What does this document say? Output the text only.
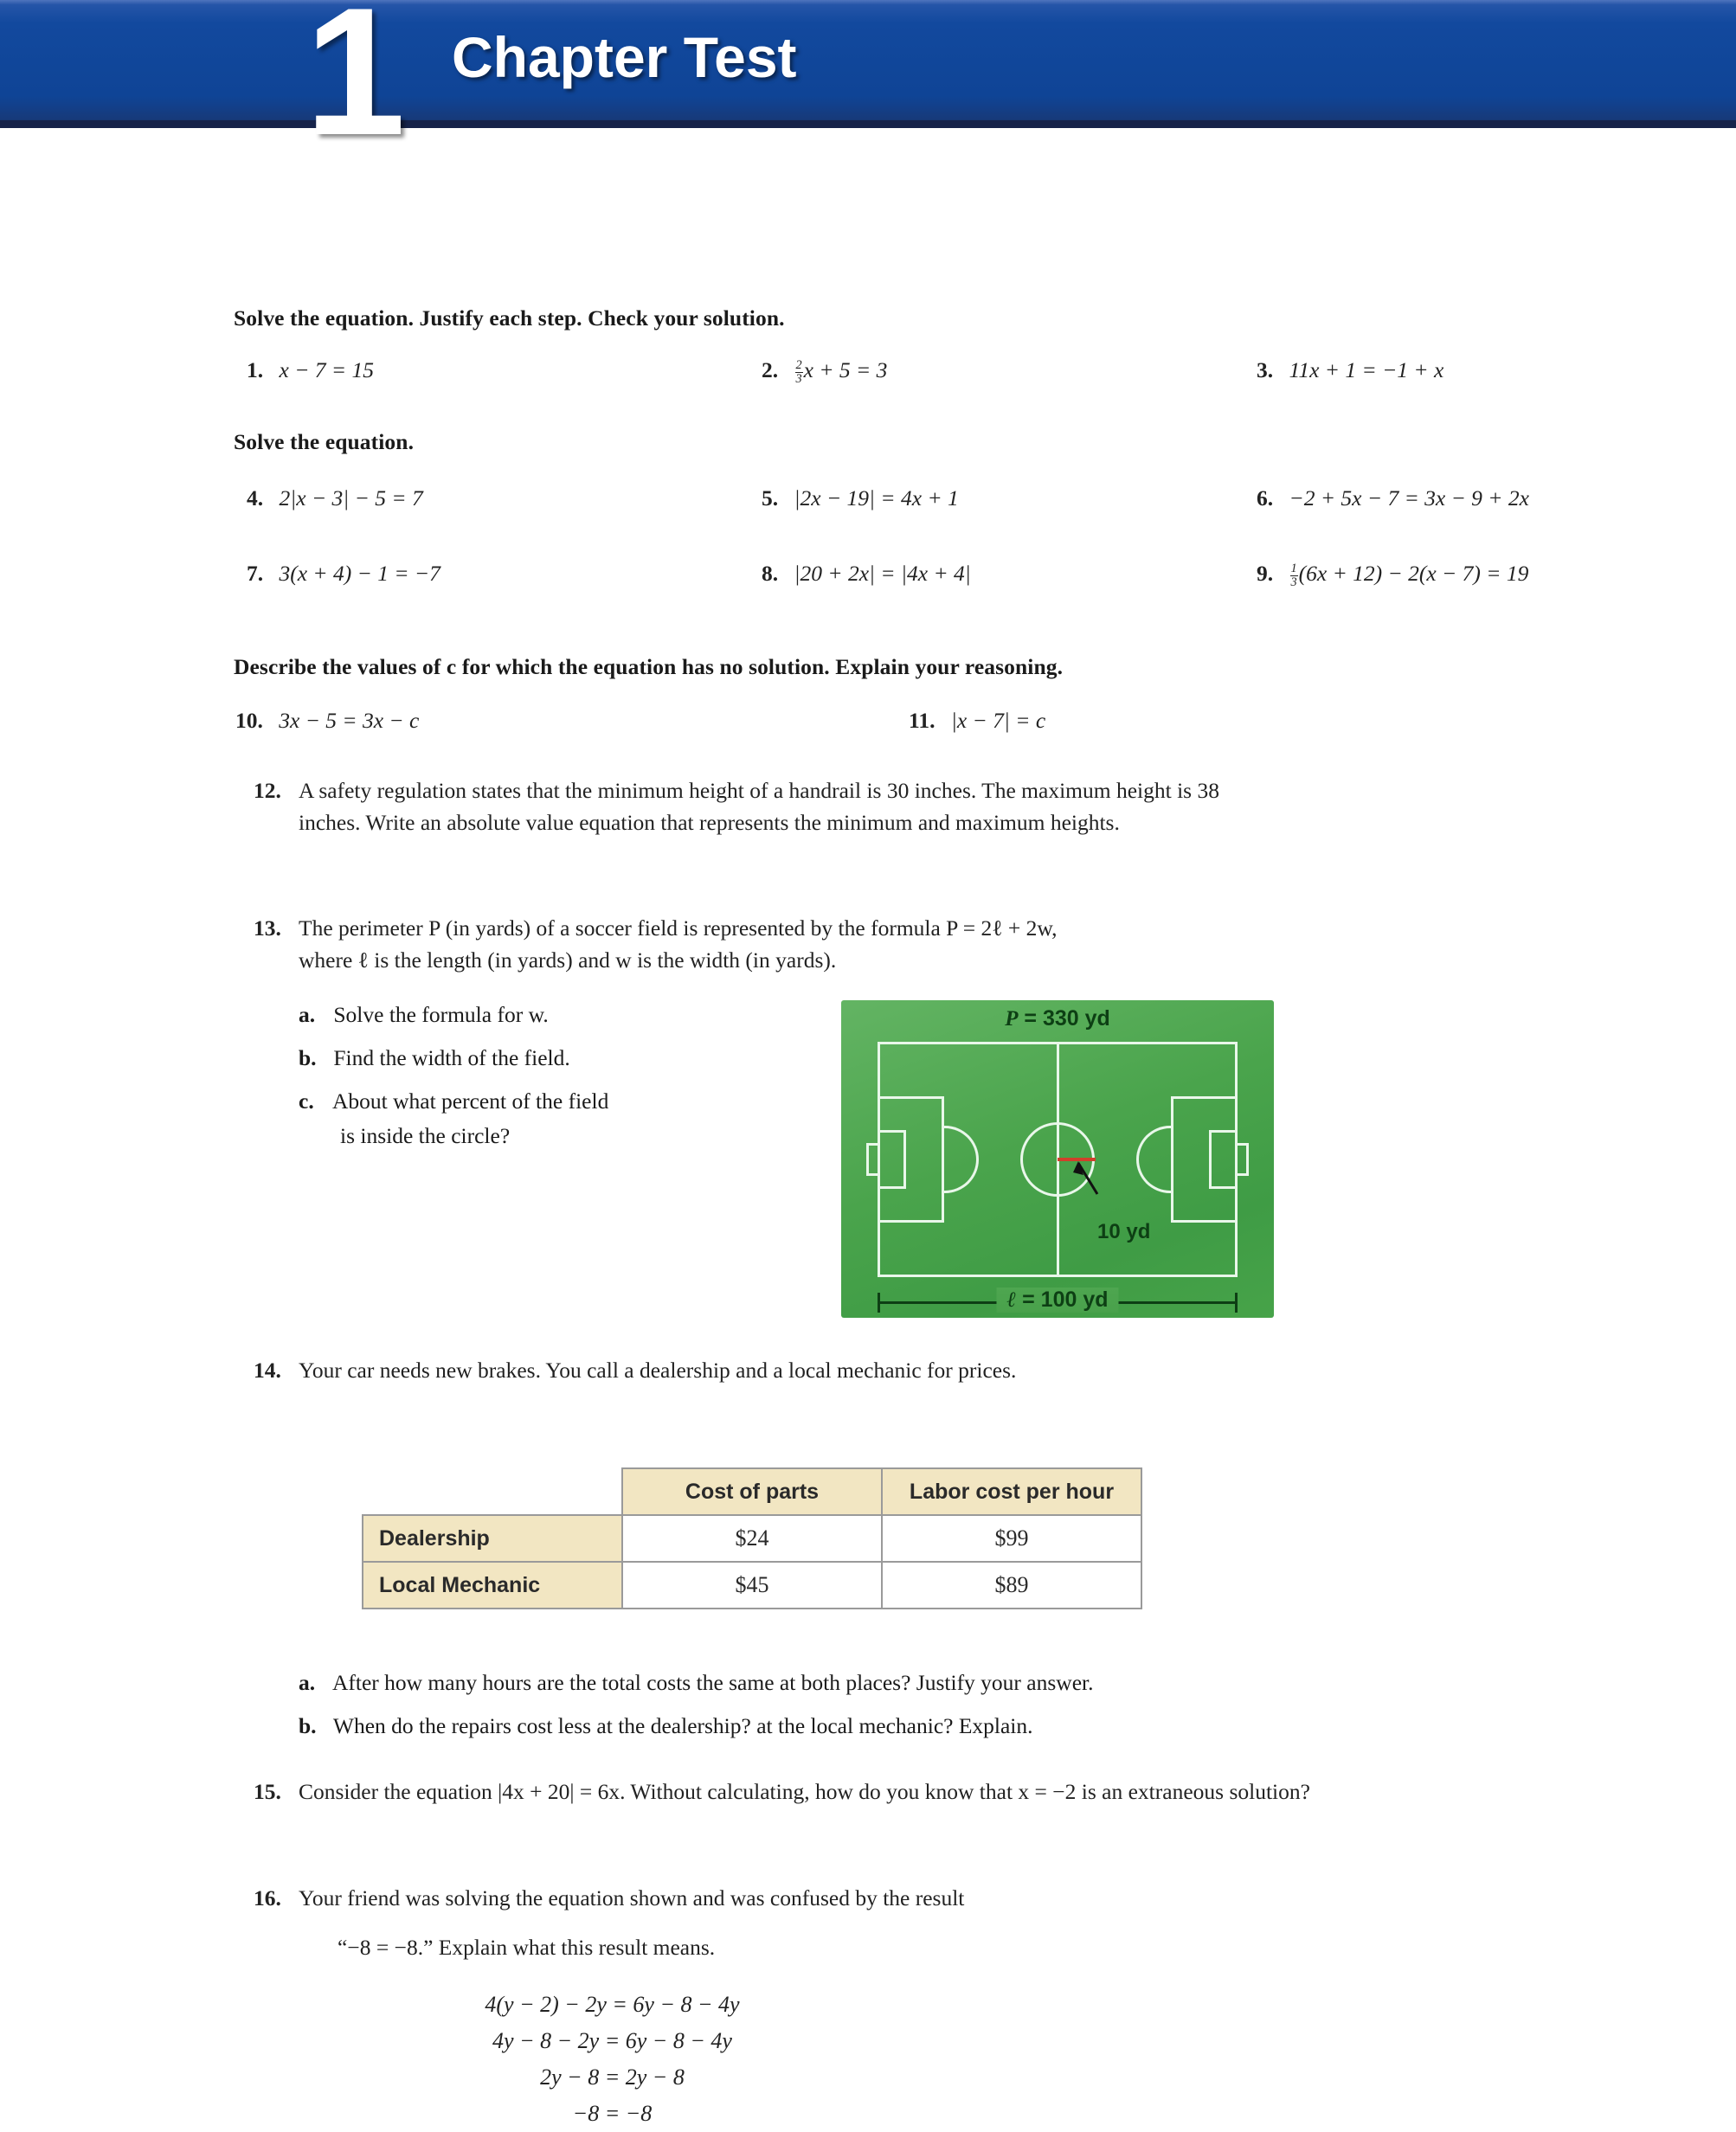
1 Chapter Test
Solve the equation. Justify each step. Check your solution.
1. x − 7 = 15	2. $\frac{2}{3}$ x + 5 = 3	3. 11x + 1 = −1 + x
Solve the equation.
4. 2|x − 3| − 5 = 7	5. |2x − 19| = 4x + 1	6. −2 + 5x − 7 = 3x − 9 + 2x
7. 3(x + 4) − 1 = −7	8. |20 + 2x| = |4x + 4|	9. $\frac{1}{3} (6x + 12) - 2(x - 7) = 19$
Describe the values of c for which the equation has no solution. Explain your reasoning.
10. 3x − 5 = 3x − c	11. |x − 7| = c
12. A safety regulation states that the minimum height of a handrail is 30 inches. The maximum height is 38 inches. Write an absolute value equation that represents the minimum and maximum heights.
13. The perimeter P (in yards) of a soccer field is represented by the formula P = 2ℓ + 2w,
where ℓ is the length (in yards) and w is the width (in yards).
a. Solve the formula for w.
b. Find the width of the field.
c. About what percent of the field
is inside the circle?
P = 330 yd
10 yd
ℓ = 100 yd
14. Your car needs new brakes. You call a dealership and a local mechanic for prices.
	Cost of parts	Labor cost per hour
Dealership	$24	$99
Local Mechanic	$45	$89
a. After how many hours are the total costs the same at both places? Justify your answer.
b. When do the repairs cost less at the dealership? at the local mechanic? Explain.
15. Consider the equation |4x + 20| = 6x. Without calculating, how do you know that x = −2 is an extraneous solution?
16. Your friend was solving the equation shown and was confused by the result
“−8 = −8.” Explain what this result means.
4(y − 2) − 2y = 6y − 8 − 4y
4y − 8 − 2y = 6y − 8 − 4y
2y − 8 = 2y − 8
−8 = −8
